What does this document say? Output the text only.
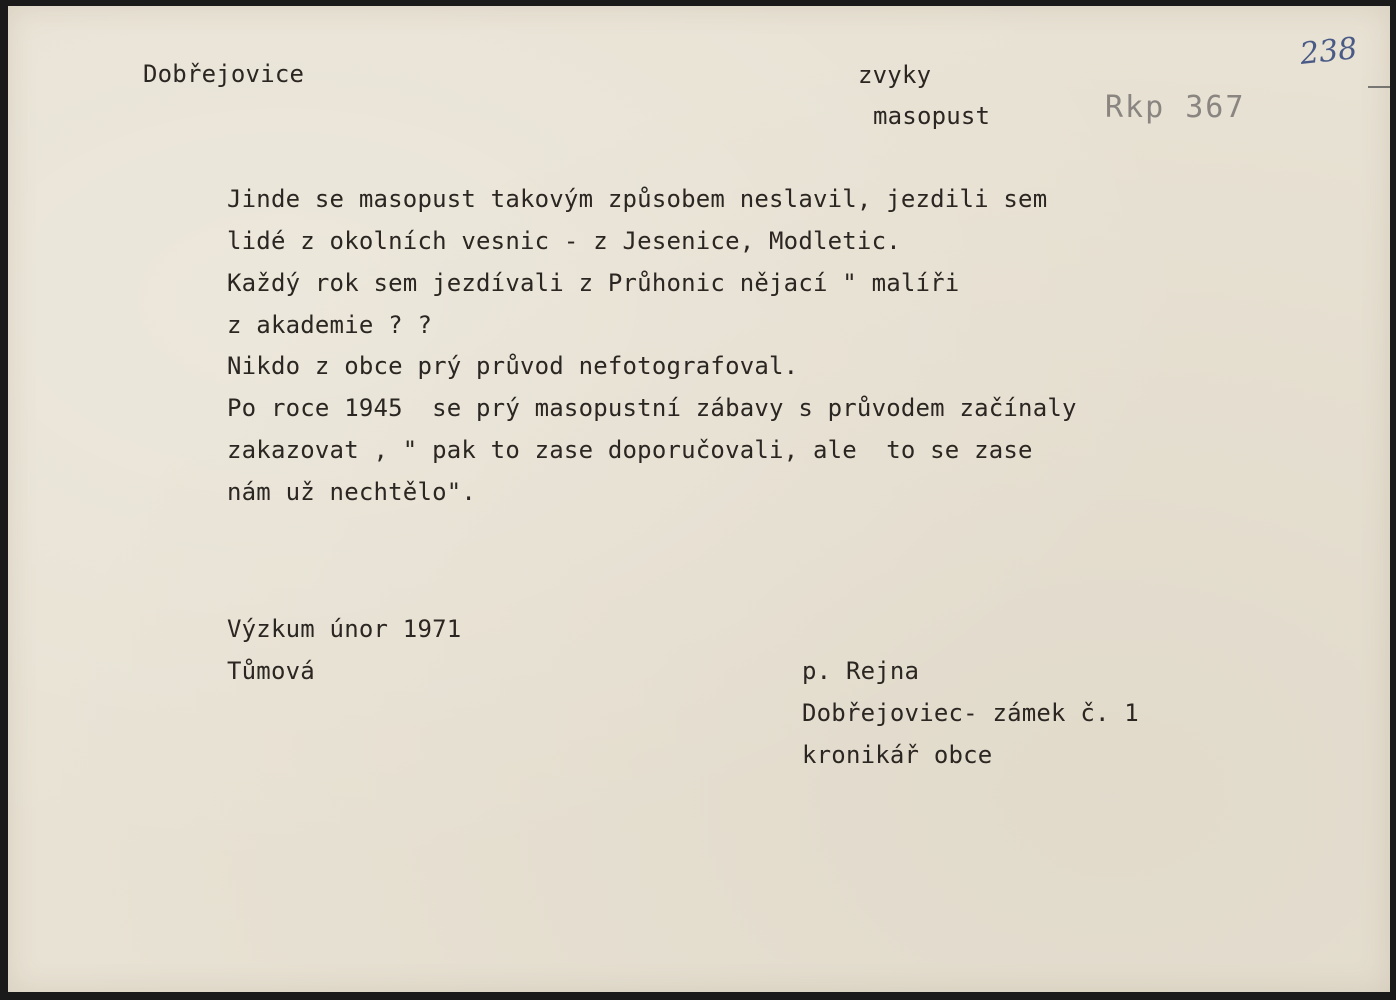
Dobřejovice	zvyky
masopust	Rkp 367
238
Jinde se masopust takovým způsobem neslavil, jezdili sem
lidé z okolních vesnic - z Jesenice, Modletic.
Každý rok sem jezdívali z Průhonic nějací " malíři
z akademie ? ?
Nikdo z obce prý průvod nefotografoval.
Po roce 1945  se prý masopustní zábavy s průvodem začínaly
zakazovat , " pak to zase doporučovali, ale  to se zase
nám už nechtělo".
Výzkum únor 1971
Tůmová	p. Rejna
Dobřejoviec- zámek č. 1
kronikář obce
